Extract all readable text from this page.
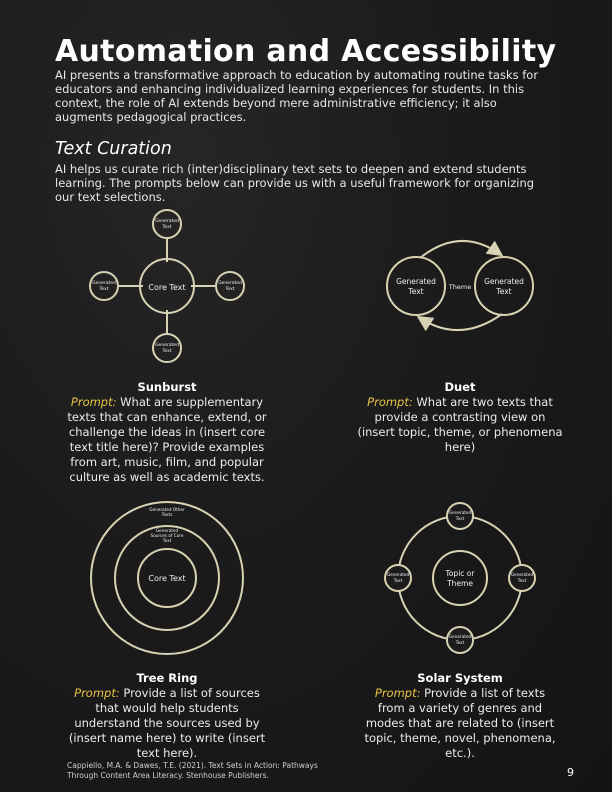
Automation and Accessibility
AI presents a transformative approach to education by automating routine tasks for educators and enhancing individualized learning experiences for students. In this context, the role of AI extends beyond mere administrative efficiency; it also augments pedagogical practices.
Text Curation
AI helps us curate rich (inter)disciplinary text sets to deepen and extend students learning. The prompts below can provide us with a useful framework for organizing our text selections.
Core Text
Generated
Text
Generated
Text
Generated
Text
Generated
Text
Generated
Text
Generated
Text
Theme
Core Text
Generated
Sources of Core
Text
Generated Other
Texts
Topic or
Theme
Generated
Text
Generated
Text
Generated
Text
Generated
Text
Sunburst
Prompt: What are supplementary texts that can enhance, extend, or challenge the ideas in (insert core text title here)? Provide examples from art, music, film, and popular culture as well as academic texts.
Duet
Prompt: What are two texts that provide a contrasting view on (insert topic, theme, or phenomena here)
Tree Ring
Prompt: Provide a list of sources that would help students understand the sources used by (insert name here) to write (insert text here).
Solar System
Prompt: Provide a list of texts from a variety of genres and modes that are related to (insert topic, theme, novel, phenomena, etc.).
Cappiello, M.A. & Dawes, T.E. (2021). Text Sets in Action: Pathways Through Content Area Literacy. Stenhouse Publishers.	9
